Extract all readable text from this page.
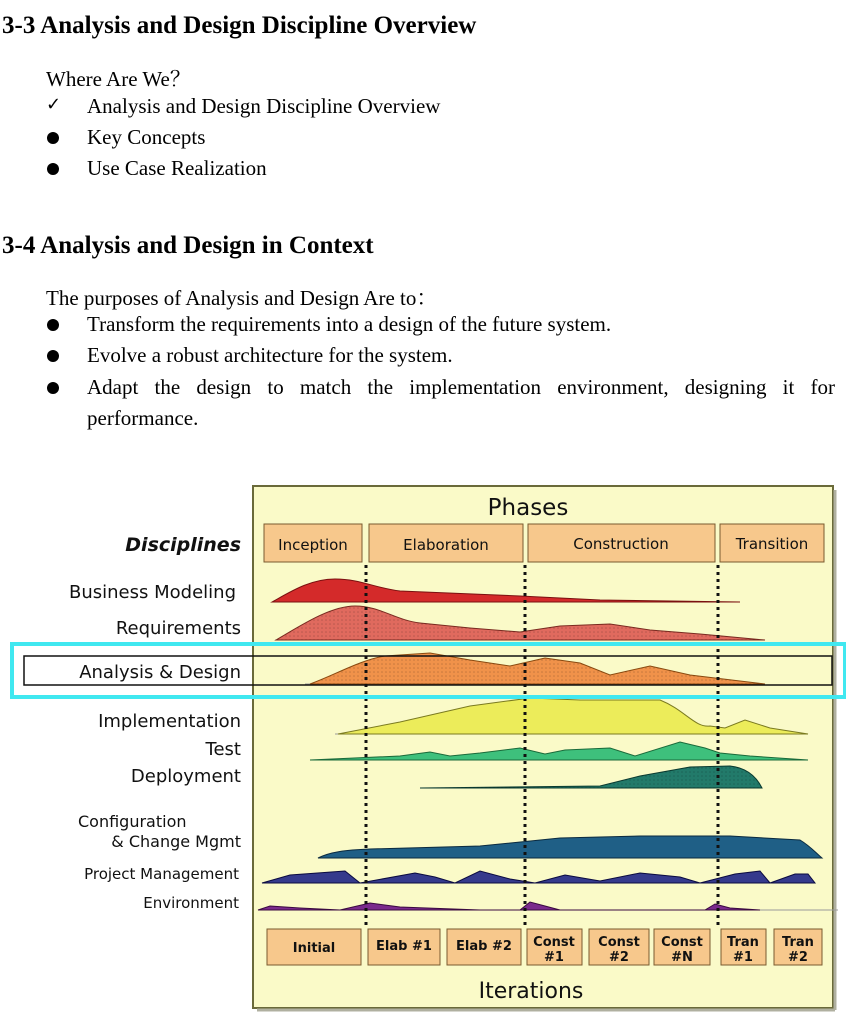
3-3 Analysis and Design Discipline Overview
Where Are We？
✓ Analysis and Design Discipline Overview
Key Concepts
Use Case Realization
3-4 Analysis and Design in Context
The purposes of Analysis and Design Are to：
Transform the requirements into a design of the future system.
Evolve a robust architecture for the system.
Adapt the design to match the implementation environment, designing it for performance.
Phases
Disciplines Inception	Elaboration	Construction	Transition
Business Modeling
Requirements
Analysis & Design
Implementation
Test
Deployment
Configuration
& Change Mgmt
Project Management
Environment
Initial	Elab #1 Elab #2 Const
#1
Const
#2
Const
#N
Tran
#1
Tran
#2
Iterations
